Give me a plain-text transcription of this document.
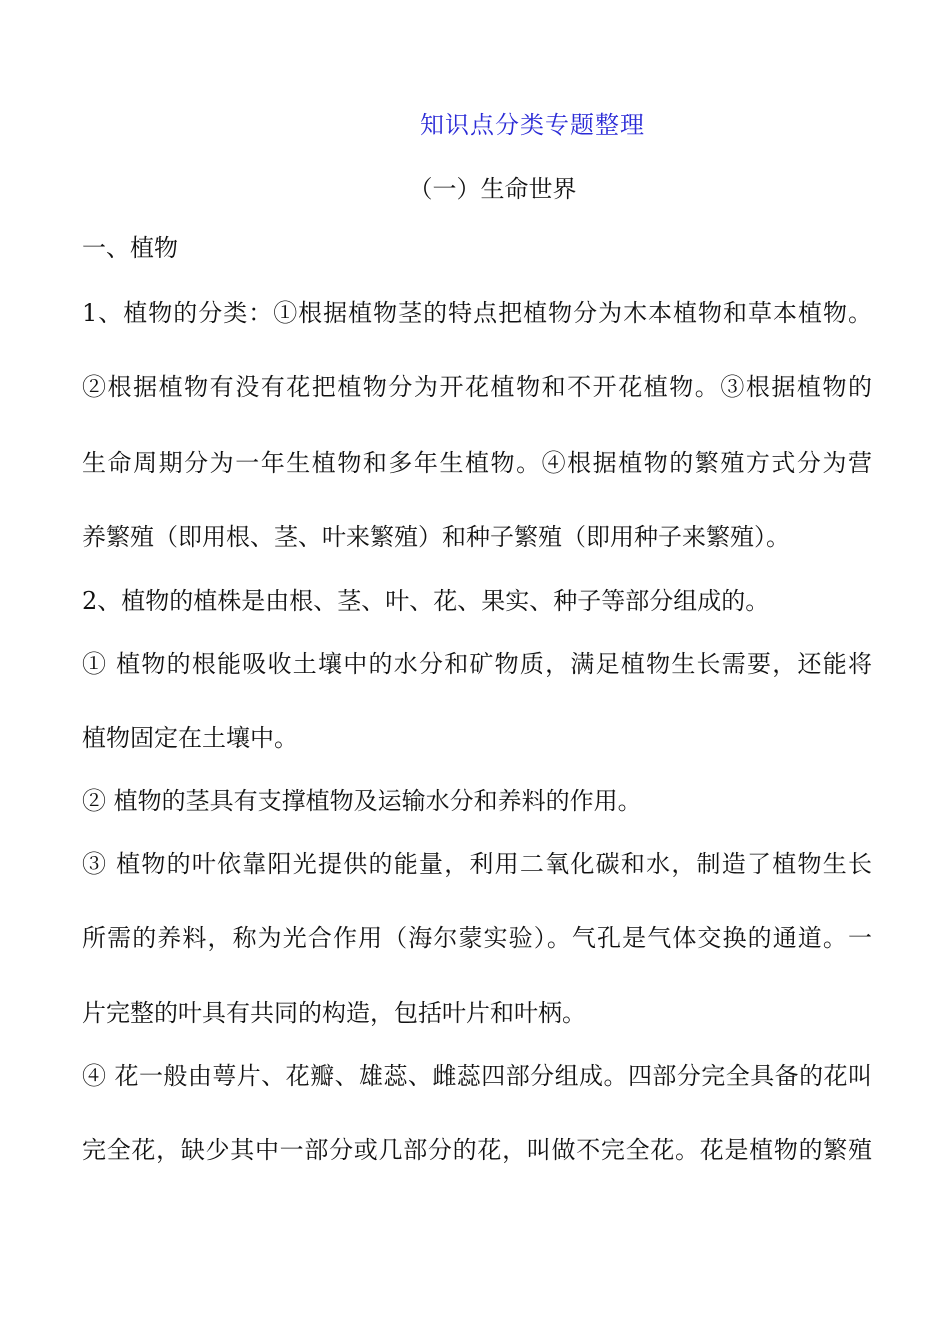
知识点分类专题整理
（一）生命世界
一、植物
1、植物的分类：①根据植物茎的特点把植物分为木本植物和草本植物。
②根据植物有没有花把植物分为开花植物和不开花植物。③根据植物的
生命周期分为一年生植物和多年生植物。④根据植物的繁殖方式分为营
养繁殖（即用根、茎、叶来繁殖）和种子繁殖（即用种子来繁殖）。
2、植物的植株是由根、茎、叶、花、果实、种子等部分组成的。
① 植物的根能吸收土壤中的水分和矿物质，满足植物生长需要，还能将
植物固定在土壤中。
② 植物的茎具有支撑植物及运输水分和养料的作用。
③ 植物的叶依靠阳光提供的能量，利用二氧化碳和水，制造了植物生长
所需的养料，称为光合作用（海尔蒙实验）。气孔是气体交换的通道。一
片完整的叶具有共同的构造，包括叶片和叶柄。
④ 花一般由萼片、花瓣、雄蕊、雌蕊四部分组成。四部分完全具备的花叫
完全花，缺少其中一部分或几部分的花，叫做不完全花。花是植物的繁殖
